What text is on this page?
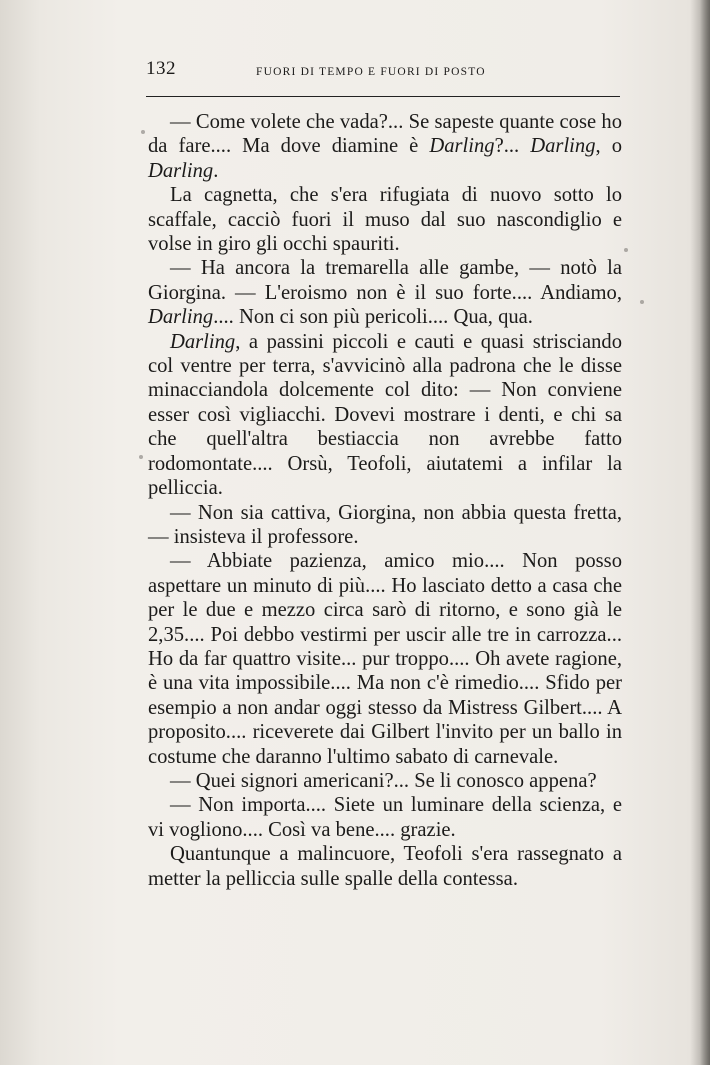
132	FUORI DI TEMPO E FUORI DI POSTO

— Come volete che vada?... Se sapeste quante cose ho da fare.... Ma dove diamine è Darling?... Darling, o Darling.

La cagnetta, che s'era rifugiata di nuovo sotto lo scaffale, cacciò fuori il muso dal suo nascondiglio e volse in giro gli occhi spauriti.

— Ha ancora la tremarella alle gambe, — notò la Giorgina. — L'eroismo non è il suo forte.... Andiamo, Darling.... Non ci son più pericoli.... Qua, qua.

Darling, a passini piccoli e cauti e quasi strisciando col ventre per terra, s'avvicinò alla padrona che le disse minacciandola dolcemente col dito: — Non conviene esser così vigliacchi. Dovevi mostrare i denti, e chi sa che quell'altra bestiaccia non avrebbe fatto rodomontate.... Orsù, Teofoli, aiutatemi a infilar la pelliccia.

— Non sia cattiva, Giorgina, non abbia questa fretta, — insisteva il professore.

— Abbiate pazienza, amico mio.... Non posso aspettare un minuto di più.... Ho lasciato detto a casa che per le due e mezzo circa sarò di ritorno, e sono già le 2,35.... Poi debbo vestirmi per uscir alle tre in carrozza... Ho da far quattro visite... pur troppo.... Oh avete ragione, è una vita impossibile.... Ma non c'è rimedio.... Sfido per esempio a non andar oggi stesso da Mistress Gilbert.... A proposito.... riceverete dai Gilbert l'invito per un ballo in costume che daranno l'ultimo sabato di carnevale.

— Quei signori americani?... Se li conosco appena?

— Non importa.... Siete un luminare della scienza, e vi vogliono.... Così va bene.... grazie.

Quantunque a malincuore, Teofoli s'era rassegnato a metter la pelliccia sulle spalle della contessa.
